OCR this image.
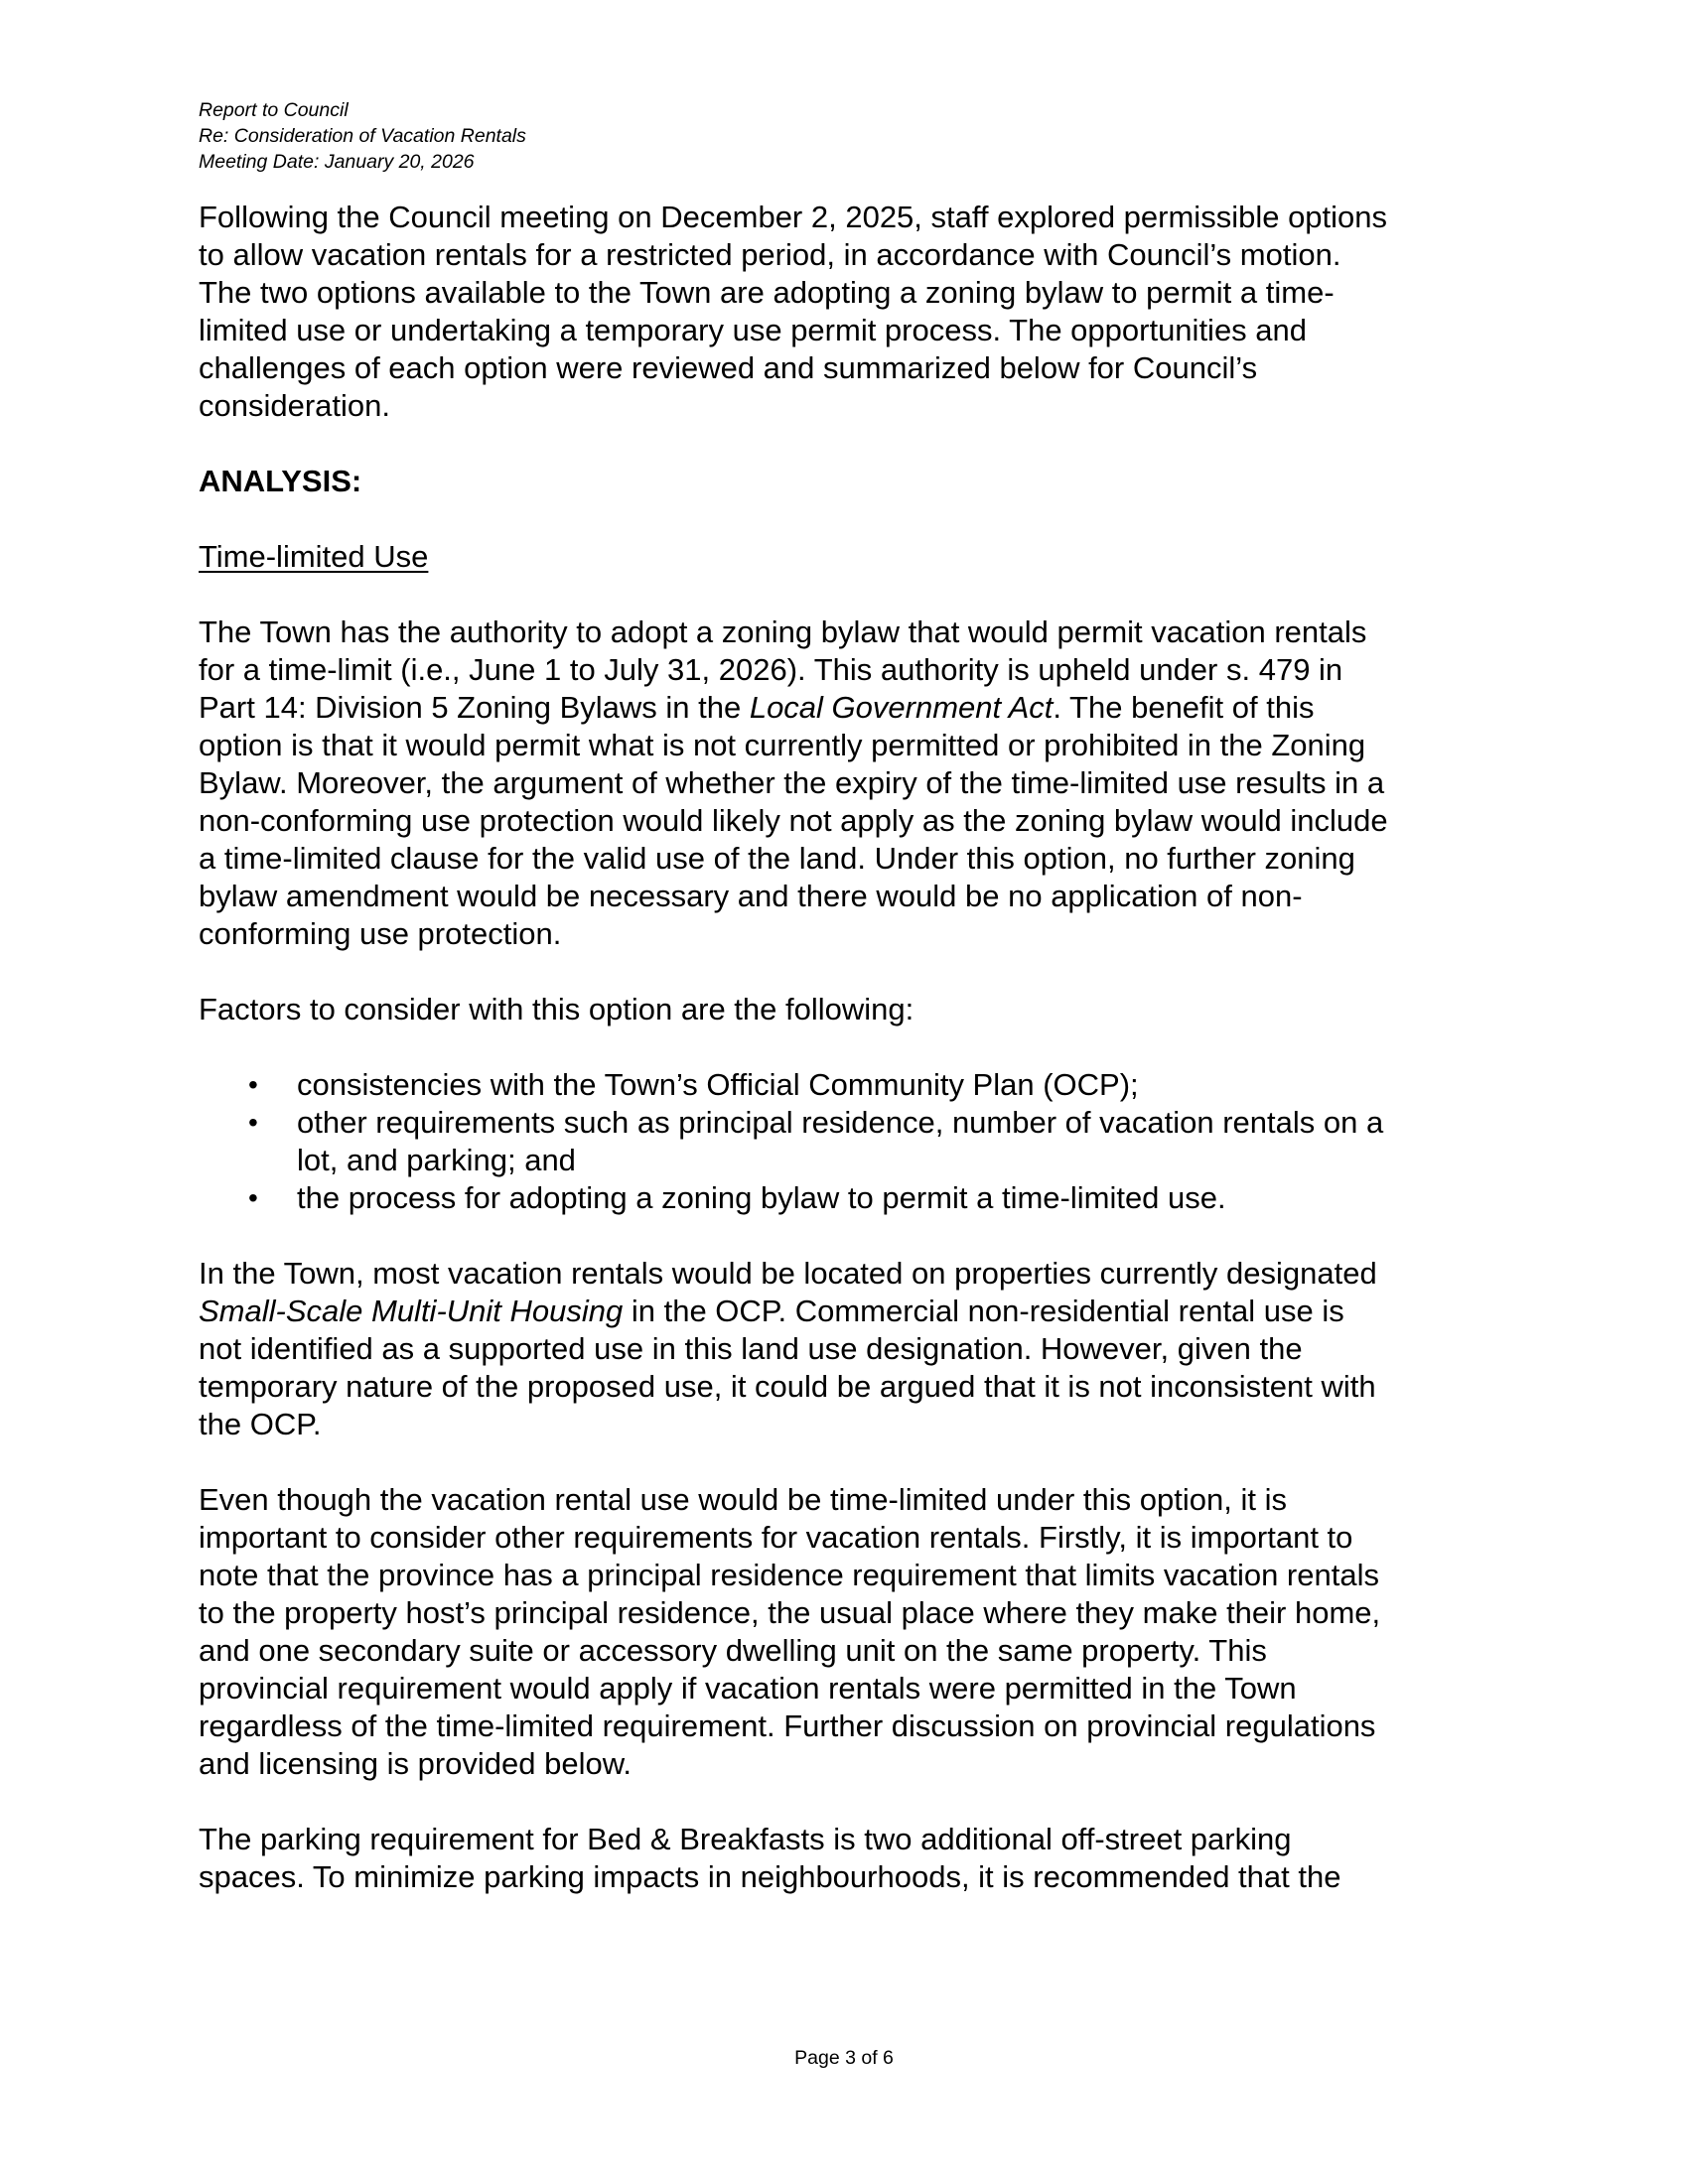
Report to Council
Re: Consideration of Vacation Rentals
Meeting Date: January 20, 2026

Following the Council meeting on December 2, 2025, staff explored permissible options
to allow vacation rentals for a restricted period, in accordance with Council’s motion.
The two options available to the Town are adopting a zoning bylaw to permit a time-
limited use or undertaking a temporary use permit process. The opportunities and
challenges of each option were reviewed and summarized below for Council’s
consideration.

ANALYSIS:
Time-limited Use

The Town has the authority to adopt a zoning bylaw that would permit vacation rentals
for a time-limit (i.e., June 1 to July 31, 2026). This authority is upheld under s. 479 in
Part 14: Division 5 Zoning Bylaws in the Local Government Act. The benefit of this
option is that it would permit what is not currently permitted or prohibited in the Zoning
Bylaw. Moreover, the argument of whether the expiry of the time-limited use results in a
non-conforming use protection would likely not apply as the zoning bylaw would include
a time-limited clause for the valid use of the land. Under this option, no further zoning
bylaw amendment would be necessary and there would be no application of non-
conforming use protection.

Factors to consider with this option are the following:

• consistencies with the Town’s Official Community Plan (OCP);
• other requirements such as principal residence, number of vacation rentals on a
lot, and parking; and
• the process for adopting a zoning bylaw to permit a time-limited use.

In the Town, most vacation rentals would be located on properties currently designated
Small-Scale Multi-Unit Housing in the OCP. Commercial non-residential rental use is
not identified as a supported use in this land use designation. However, given the
temporary nature of the proposed use, it could be argued that it is not inconsistent with
the OCP.

Even though the vacation rental use would be time-limited under this option, it is
important to consider other requirements for vacation rentals. Firstly, it is important to
note that the province has a principal residence requirement that limits vacation rentals
to the property host’s principal residence, the usual place where they make their home,
and one secondary suite or accessory dwelling unit on the same property. This
provincial requirement would apply if vacation rentals were permitted in the Town
regardless of the time-limited requirement. Further discussion on provincial regulations
and licensing is provided below.

The parking requirement for Bed & Breakfasts is two additional off-street parking
spaces. To minimize parking impacts in neighbourhoods, it is recommended that the

Page 3 of 6
